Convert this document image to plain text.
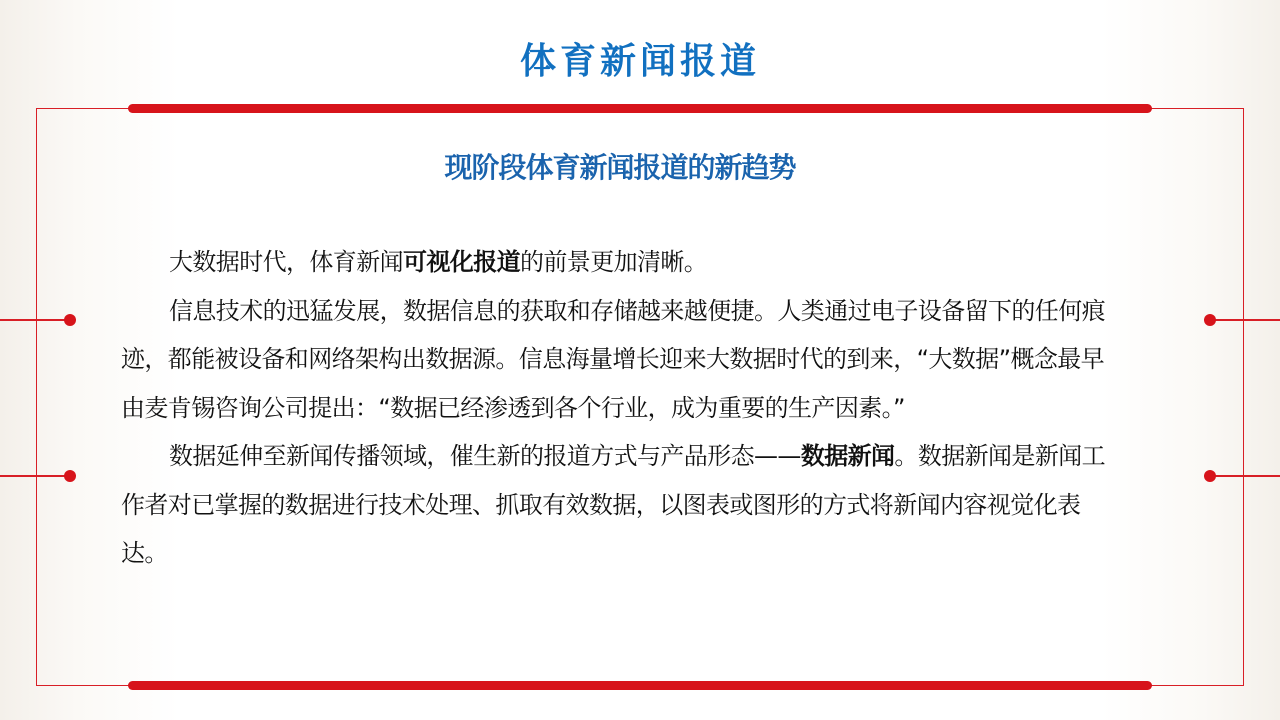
体育新闻报道
现阶段体育新闻报道的新趋势

大数据时代，体育新闻可视化报道的前景更加清晰。

信息技术的迅猛发展，数据信息的获取和存储越来越便捷。人类通过电子设备留下的任何痕迹，都能被设备和网络架构出数据源。信息海量增长迎来大数据时代的到来，“大数据”概念最早由麦肯锡咨询公司提出：“数据已经渗透到各个行业，成为重要的生产因素。”

数据延伸至新闻传播领域，催生新的报道方式与产品形态——数据新闻。数据新闻是新闻工作者对已掌握的数据进行技术处理、抓取有效数据，以图表或图形的方式将新闻内容视觉化表达。
